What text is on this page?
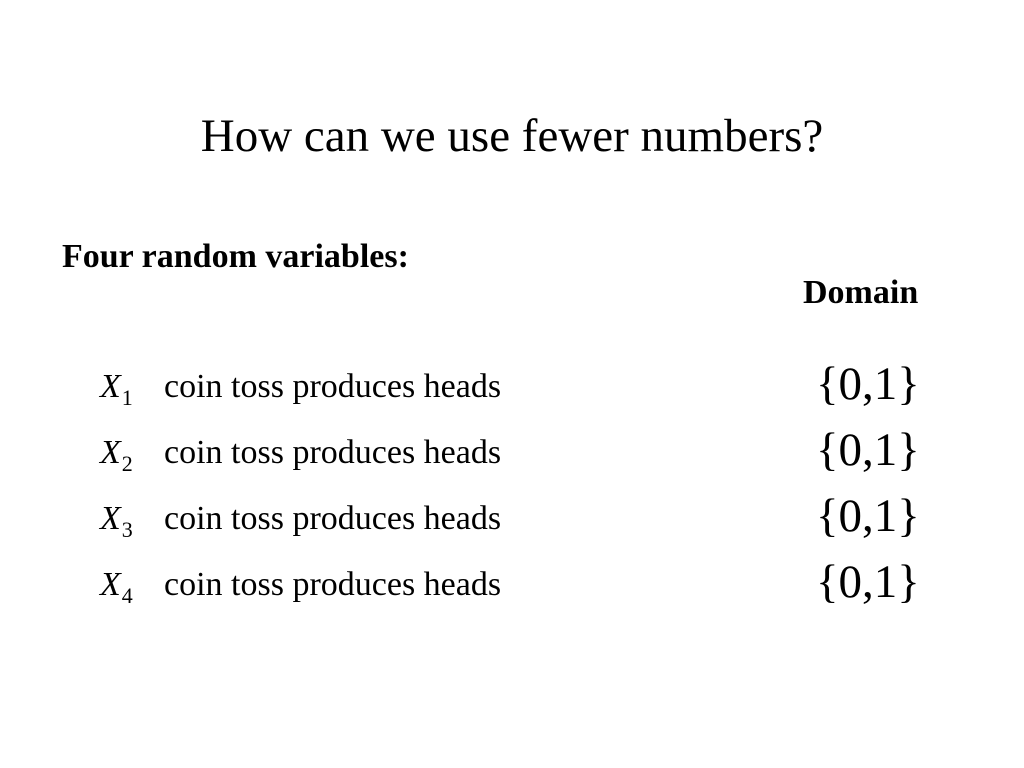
How can we use fewer numbers?
Four random variables:
Domain
$X_1$ coin toss produces heads	{0,1}
$X_2$ coin toss produces heads	{0,1}
$X_3$ coin toss produces heads	{0,1}
$X_4$ coin toss produces heads	{0,1}
